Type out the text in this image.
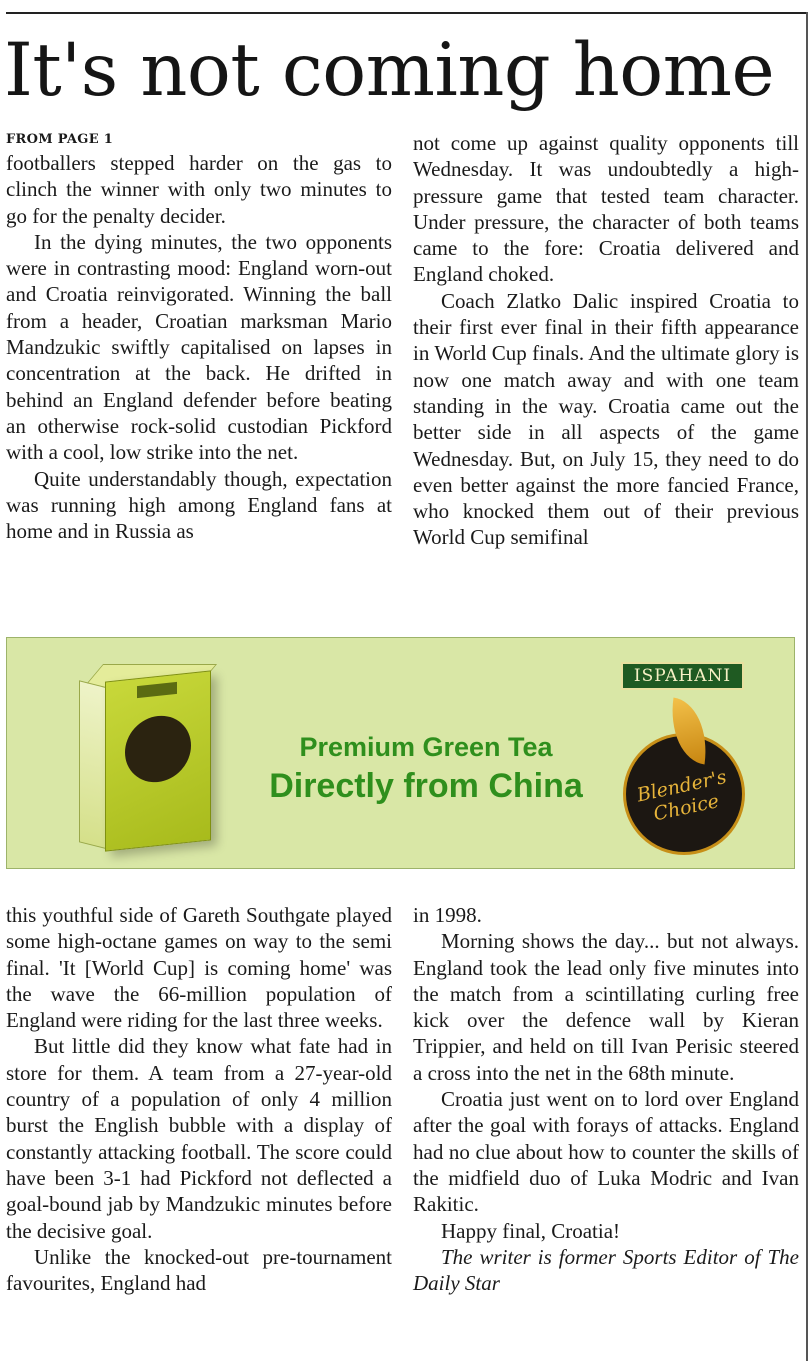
It's not coming home
FROM PAGE 1

footballers stepped harder on the gas to clinch the winner with only two minutes to go for the penalty decider.

In the dying minutes, the two opponents were in contrasting mood: England worn-out and Croatia reinvigorated. Winning the ball from a header, Croatian marksman Mario Mandzukic swiftly capitalised on lapses in concentration at the back. He drifted in behind an England defender before beating an otherwise rock-solid custodian Pickford with a cool, low strike into the net.

Quite understandably though, expectation was running high among England fans at home and in Russia as

not come up against quality opponents till Wednesday. It was undoubtedly a high-pressure game that tested team character. Under pressure, the character of both teams came to the fore: Croatia delivered and England choked.

Coach Zlatko Dalic inspired Croatia to their first ever final in their fifth appearance in World Cup finals. And the ultimate glory is now one match away and with one team standing in the way. Croatia came out the better side in all aspects of the game Wednesday. But, on July 15, they need to do even better against the more fancied France, who knocked them out of their previous World Cup semifinal

Premium Green Tea
Directly from China
ISPAHANI
Blender's Choice

this youthful side of Gareth Southgate played some high-octane games on way to the semi final. 'It [World Cup] is coming home' was the wave the 66-million population of England were riding for the last three weeks.

But little did they know what fate had in store for them. A team from a 27-year-old country of a population of only 4 million burst the English bubble with a display of constantly attacking football. The score could have been 3-1 had Pickford not deflected a goal-bound jab by Mandzukic minutes before the decisive goal.

Unlike the knocked-out pre-tournament favourites, England had

in 1998.

Morning shows the day... but not always. England took the lead only five minutes into the match from a scintillating curling free kick over the defence wall by Kieran Trippier, and held on till Ivan Perisic steered a cross into the net in the 68th minute.

Croatia just went on to lord over England after the goal with forays of attacks. England had no clue about how to counter the skills of the midfield duo of Luka Modric and Ivan Rakitic.

Happy final, Croatia!

The writer is former Sports Editor of The Daily Star
